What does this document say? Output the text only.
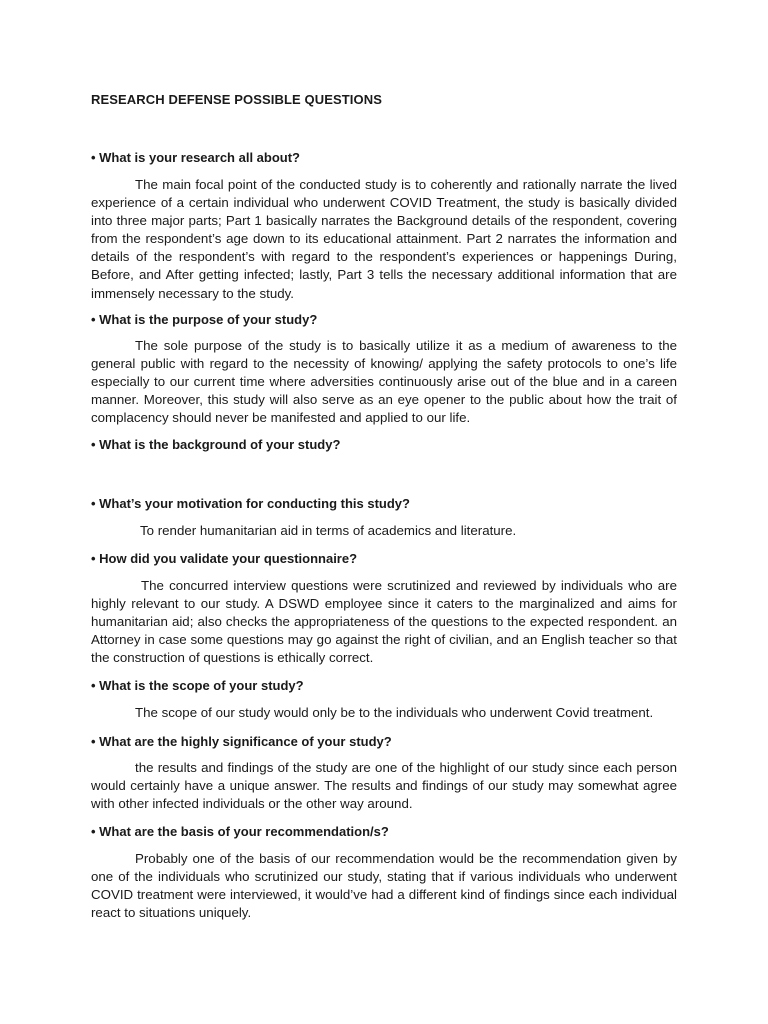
RESEARCH DEFENSE POSSIBLE QUESTIONS

• What is your research all about?

The main focal point of the conducted study is to coherently and rationally narrate the lived experience of a certain individual who underwent COVID Treatment, the study is basically divided into three major parts; Part 1 basically narrates the Background details of the respondent, covering from the respondent’s age down to its educational attainment. Part 2 narrates the information and details of the respondent’s with regard to the respondent’s experiences or happenings During, Before, and After getting infected; lastly, Part 3 tells the necessary additional information that are immensely necessary to the study.

• What is the purpose of your study?

The sole purpose of the study is to basically utilize it as a medium of awareness to the general public with regard to the necessity of knowing/ applying the safety protocols to one’s life especially to our current time where adversities continuously arise out of the blue and in a careen manner. Moreover, this study will also serve as an eye opener to the public about how the trait of complacency should never be manifested and applied to our life.

• What is the background of your study?

• What’s your motivation for conducting this study?

To render humanitarian aid in terms of academics and literature.

• How did you validate your questionnaire?

The concurred interview questions were scrutinized and reviewed by individuals who are highly relevant to our study. A DSWD employee since it caters to the marginalized and aims for humanitarian aid; also checks the appropriateness of the questions to the expected respondent. an Attorney in case some questions may go against the right of civilian, and an English teacher so that the construction of questions is ethically correct.

• What is the scope of your study?

The scope of our study would only be to the individuals who underwent Covid treatment.

• What are the highly significance of your study?

the results and findings of the study are one of the highlight of our study since each person would certainly have a unique answer. The results and findings of our study may somewhat agree with other infected individuals or the other way around.

• What are the basis of your recommendation/s?

Probably one of the basis of our recommendation would be the recommendation given by one of the individuals who scrutinized our study, stating that if various individuals who underwent COVID treatment were interviewed, it would’ve had a different kind of findings since each individual react to situations uniquely.
